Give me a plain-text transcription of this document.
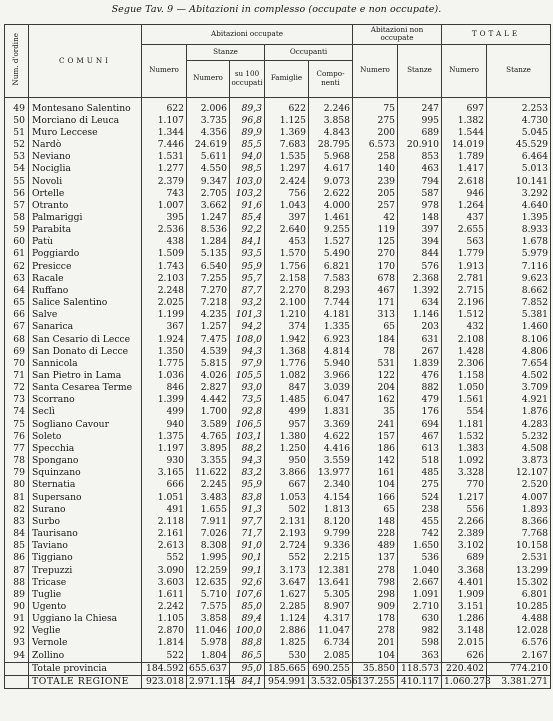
Segue Tav. 9 — Abitazioni in complesso (occupate e non occupate).
Num. d'ordine	COMUNI	Abitazioni occupate					Abitazioni non occupate		TOTALE	
		Numero	Stanze		Occupanti		Numero	Stanze	Numero	Stanze
			Numero	su 100 occupati	Famiglie	Compo-nenti				

49	Montesano Salentino	622	2.006	89,3	622	2.246	75	247	697	2.253
50	Morciano di Leuca	1.107	3.735	96,8	1.125	3.858	275	995	1.382	4.730
51	Muro Leccese	1.344	4.356	89,9	1.369	4.843	200	689	1.544	5.045
52	Nardò	7.446	24.619	85,5	7.683	28.795	6.573	20.910	14.019	45.529
53	Neviano	1.531	5.611	94,0	1.535	5.968	258	853	1.789	6.464
54	Nociglia	1.277	4.550	98,5	1.297	4.617	140	463	1.417	5.013
55	Novoli	2.379	9.347	103,0	2.424	9.073	239	794	2.618	10.141
56	Ortelle	743	2.705	103,2	756	2.622	205	587	946	3.292
57	Otranto	1.007	3.662	91,6	1.043	4.000	257	978	1.264	4.640
58	Palmariggi	395	1.247	85,4	397	1.461	42	148	437	1.395
59	Parabita	2.536	8.536	92,2	2.640	9.255	119	397	2.655	8.933
60	Patù	438	1.284	84,1	453	1.527	125	394	563	1.678
61	Poggiardo	1.509	5.135	93,5	1.570	5.490	270	844	1.779	5.979
62	Presicce	1.743	6.540	95,9	1.756	6.821	170	576	1.913	7.116
63	Racale	2.103	7.255	95,7	2.158	7.583	678	2.368	2.781	9.623
64	Ruffano	2.248	7.270	87,7	2.270	8.293	467	1.392	2.715	8.662
65	Salice Salentino	2.025	7.218	93,2	2.100	7.744	171	634	2.196	7.852
66	Salve	1.199	4.235	101,3	1.210	4.181	313	1.146	1.512	5.381
67	Sanarica	367	1.257	94,2	374	1.335	65	203	432	1.460
68	San Cesario di Lecce	1.924	7.475	108,0	1.942	6.923	184	631	2.108	8.106
69	San Donato di Lecce	1.350	4.539	94,3	1.368	4.814	78	267	1.428	4.806
70	Sannicola	1.775	5.815	97,9	1.776	5.940	531	1.839	2.306	7.654
71	San Pietro in Lama	1.036	4.026	105,5	1.082	3.966	122	476	1.158	4.502
72	Santa Cesarea Terme	846	2.827	93,0	847	3.039	204	882	1.050	3.709
73	Scorrano	1.399	4.442	73,5	1.485	6.047	162	479	1.561	4.921
74	Seclì	499	1.700	92,8	499	1.831	35	176	554	1.876
75	Sogliano Cavour	940	3.589	106,5	957	3.369	241	694	1.181	4.283
76	Soleto	1.375	4.765	103,1	1.380	4.622	157	467	1.532	5.232
77	Specchia	1.197	3.895	88,2	1.250	4.416	186	613	1.383	4.508
78	Spongano	930	3.355	94,3	950	3.559	142	518	1.092	3.873
79	Squinzano	3.165	11.622	83,2	3.866	13.977	161	485	3.328	12.107
80	Sternatia	666	2.245	95,9	667	2.340	104	275	770	2.520
81	Supersano	1.051	3.483	83,8	1.053	4.154	166	524	1.217	4.007
82	Surano	491	1.655	91,3	502	1.813	65	238	556	1.893
83	Surbo	2.118	7.911	97,7	2.131	8.120	148	455	2.266	8.366
84	Taurisano	2.161	7.026	71,7	2.193	9.799	228	742	2.389	7.768
85	Taviano	2.613	8.308	91,0	2.724	9.336	489	1.650	3.102	10.158
86	Tiggiano	552	1.995	90,1	552	2.215	137	536	689	2.531
87	Trepuzzi	3.090	12.259	99,1	3.173	12.381	278	1.040	3.368	13.299
88	Tricase	3.603	12.635	92,6	3.647	13.641	798	2.667	4.401	15.302
89	Tuglie	1.611	5.710	107,6	1.627	5.305	298	1.091	1.909	6.801
90	Ugento	2.242	7.575	85,0	2.285	8.907	909	2.710	3.151	10.285
91	Uggiano la Chiesa	1.105	3.858	89,4	1.124	4.317	178	630	1.286	4.488
92	Veglie	2.870	11.046	100,0	2.886	11.047	278	982	3.148	12.028
93	Vernole	1.814	5.978	88,8	1.825	6.734	201	598	2.015	6.576
94	Zollino	522	1.804	86,5	530	2.085	104	363	626	2.167
	Totale provincia	184.592	655.637	95,0	185.665	690.255	35.850	118.573	220.402	774.210
	TOTALE REGIONE	923.018	2.971.154	84,1	954.991	3.532.056	137.255	410.117	1.060.273	3.381.271
